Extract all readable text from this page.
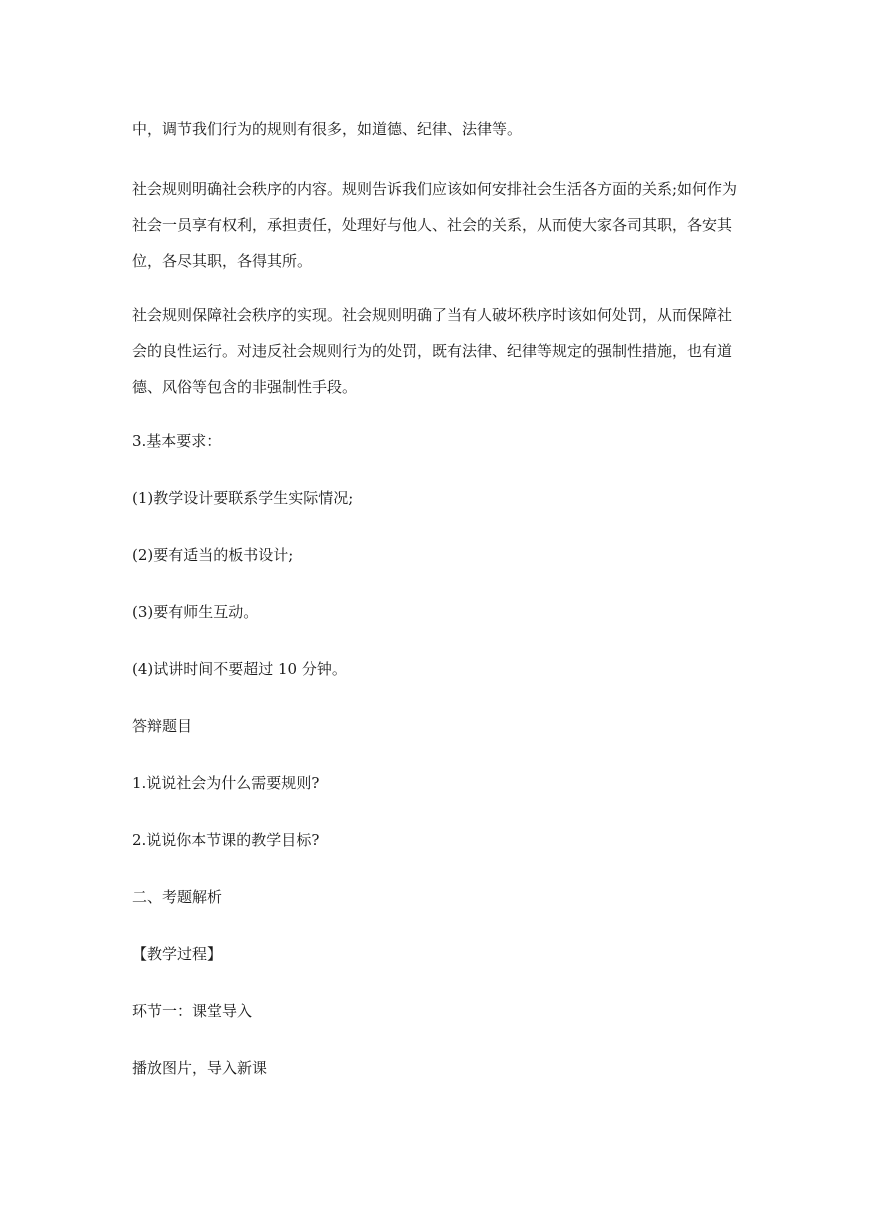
中，调节我们行为的规则有很多，如道德、纪律、法律等。

社会规则明确社会秩序的内容。规则告诉我们应该如何安排社会生活各方面的关系;如何作为社会一员享有权利，承担责任，处理好与他人、社会的关系，从而使大家各司其职，各安其位，各尽其职，各得其所。

社会规则保障社会秩序的实现。社会规则明确了当有人破坏秩序时该如何处罚，从而保障社会的良性运行。对违反社会规则行为的处罚，既有法律、纪律等规定的强制性措施，也有道德、风俗等包含的非强制性手段。

3.基本要求：

(1)教学设计要联系学生实际情况;

(2)要有适当的板书设计;

(3)要有师生互动。

(4)试讲时间不要超过 10 分钟。

答辩题目

1.说说社会为什么需要规则?

2.说说你本节课的教学目标?

二、考题解析

【教学过程】

环节一：课堂导入

播放图片，导入新课
